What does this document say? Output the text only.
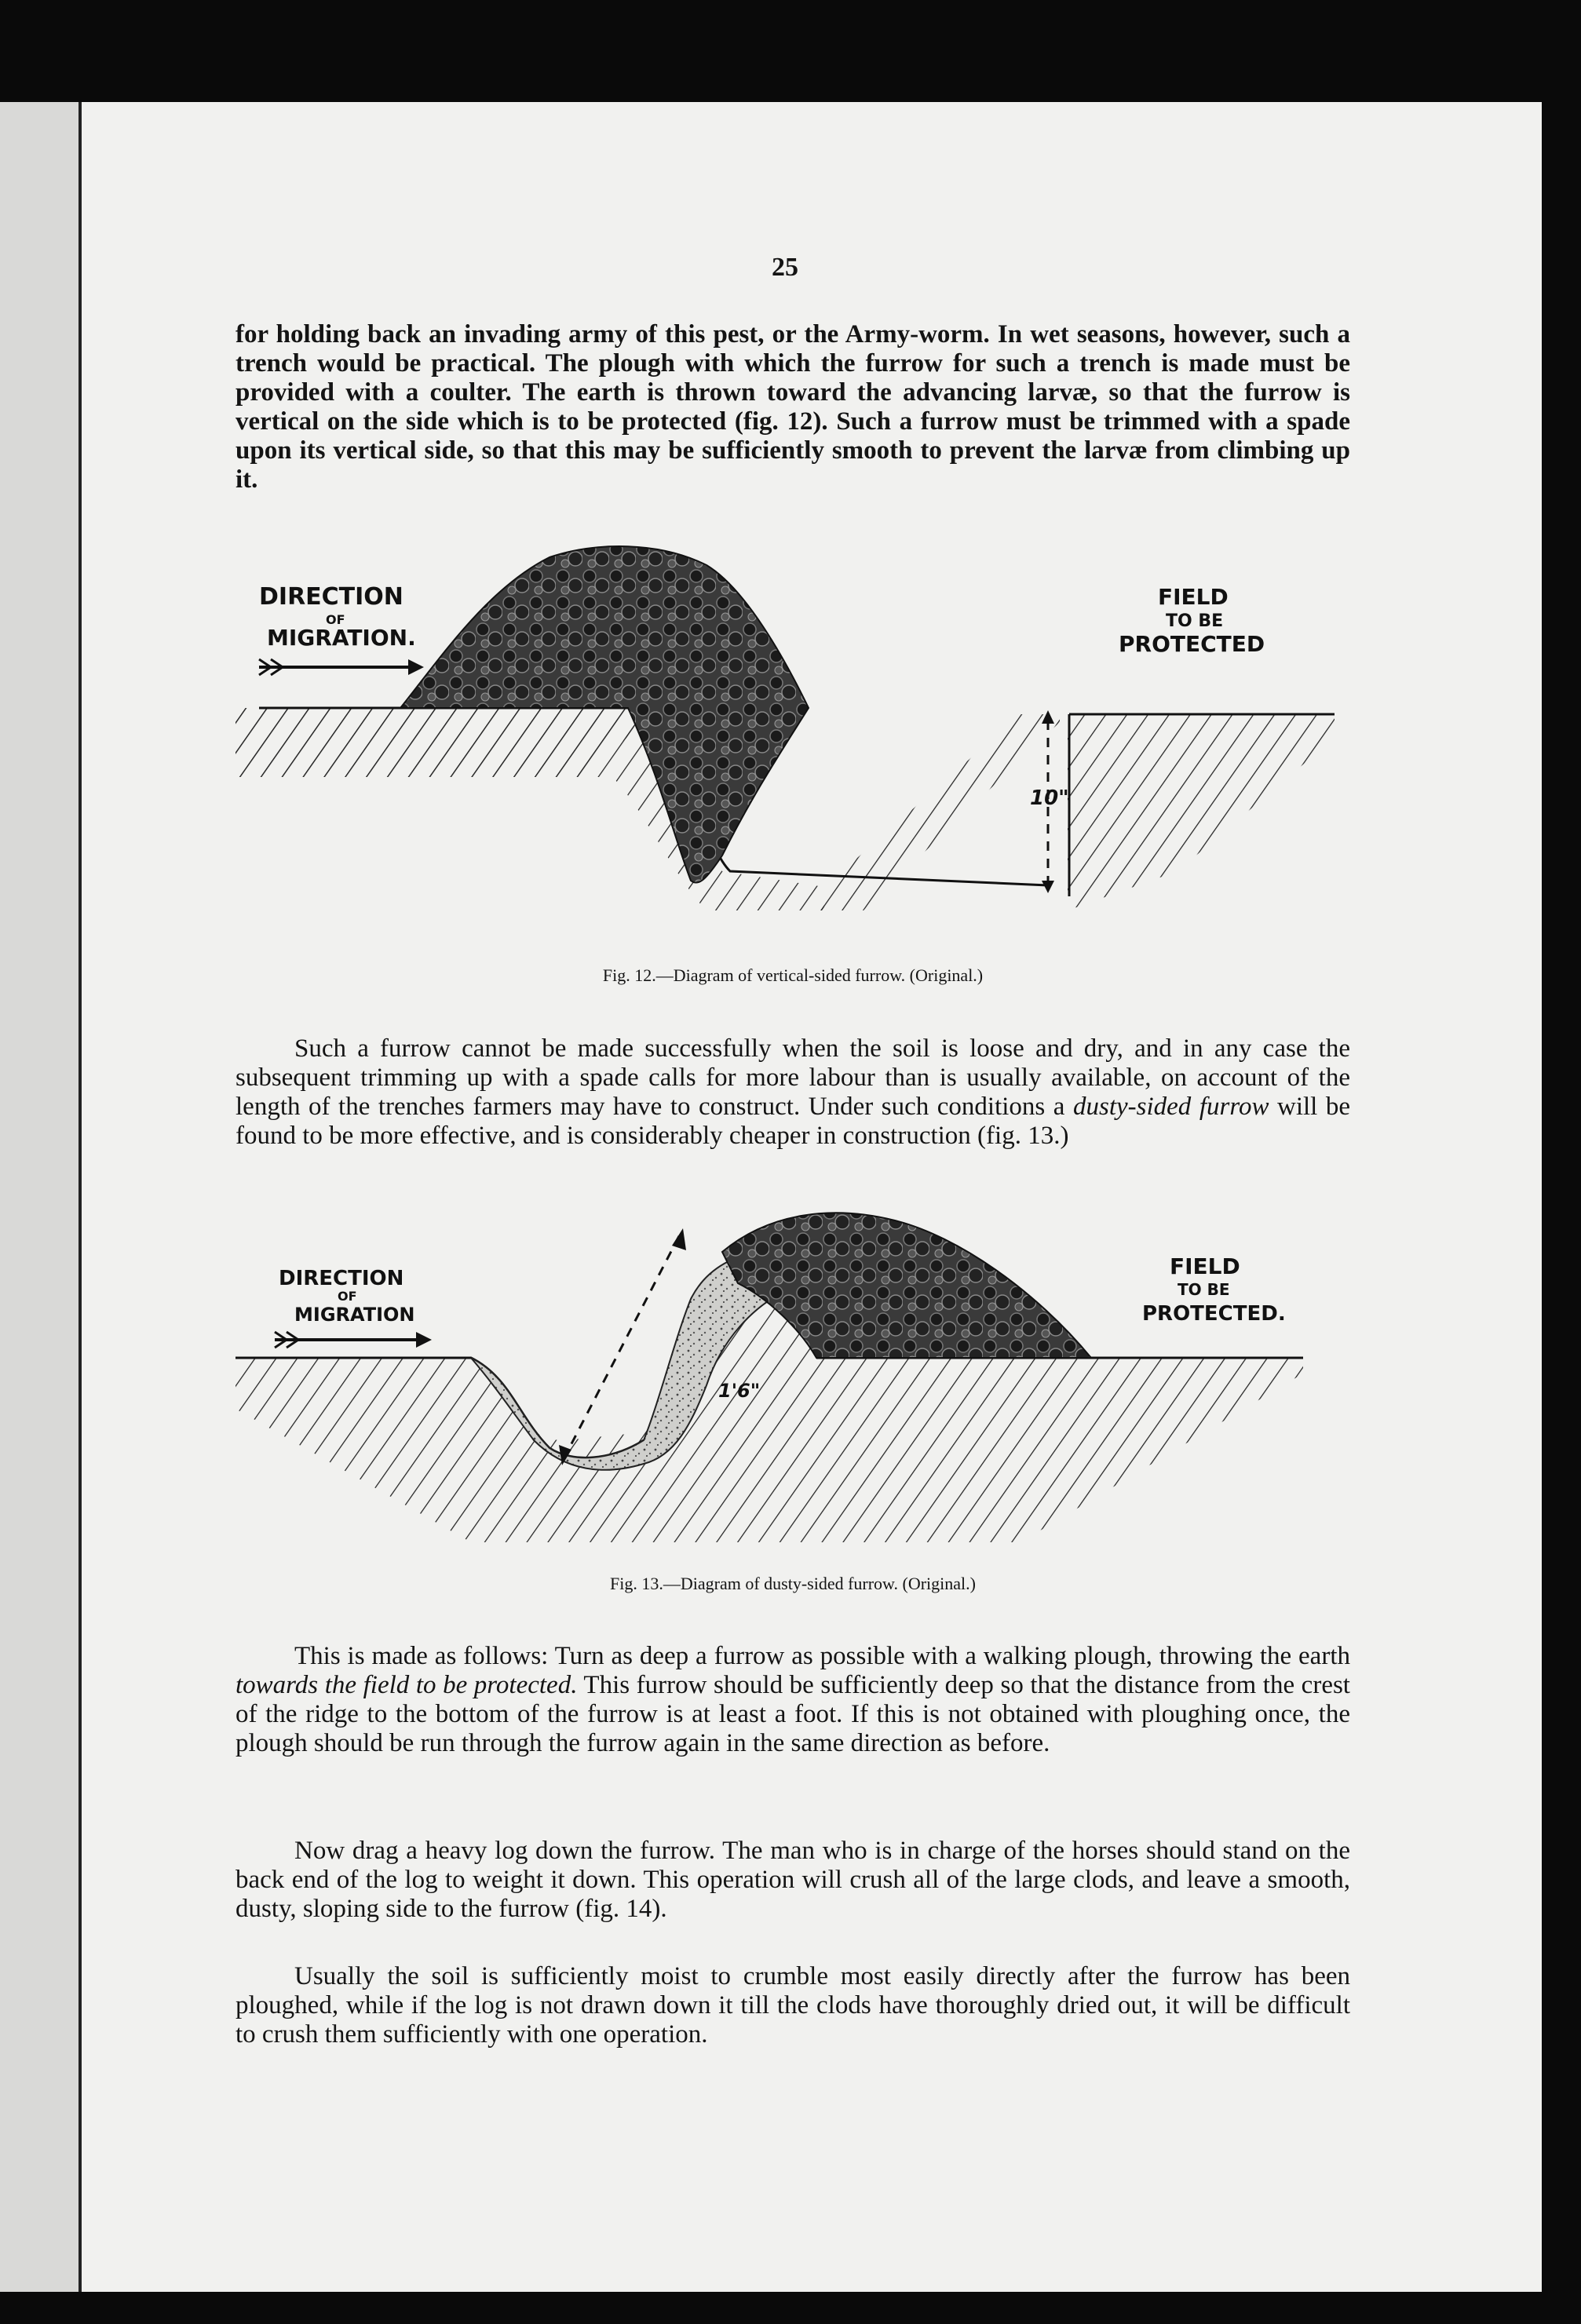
25

for holding back an invading army of this pest, or the Army-worm. In wet seasons, however, such a trench would be practical. The plough with which the furrow for such a trench is made must be provided with a coulter. The earth is thrown toward the advancing larvæ, so that the furrow is vertical on the side which is to be protected (fig. 12). Such a furrow must be trimmed with a spade upon its vertical side, so that this may be sufficiently smooth to prevent the larvæ from climbing up it.

DIRECTION
OF
MIGRATION.
FIELD
TO BE
PROTECTED
10"
Fig. 12.—Diagram of vertical-sided furrow. (Original.)

Such a furrow cannot be made successfully when the soil is loose and dry, and in any case the subsequent trimming up with a spade calls for more labour than is usually available, on account of the length of the trenches farmers may have to construct. Under such conditions a dusty-sided furrow will be found to be more effective, and is considerably cheaper in construction (fig. 13.)

DIRECTION
OF
MIGRATION
FIELD
TO BE
PROTECTED.
1'6"
Fig. 13.—Diagram of dusty-sided furrow. (Original.)

This is made as follows: Turn as deep a furrow as possible with a walking plough, throwing the earth towards the field to be protected. This furrow should be sufficiently deep so that the distance from the crest of the ridge to the bottom of the furrow is at least a foot. If this is not obtained with ploughing once, the plough should be run through the furrow again in the same direction as before.

Now drag a heavy log down the furrow. The man who is in charge of the horses should stand on the back end of the log to weight it down. This operation will crush all of the large clods, and leave a smooth, dusty, sloping side to the furrow (fig. 14).

Usually the soil is sufficiently moist to crumble most easily directly after the furrow has been ploughed, while if the log is not drawn down it till the clods have thoroughly dried out, it will be difficult to crush them sufficiently with one operation.
